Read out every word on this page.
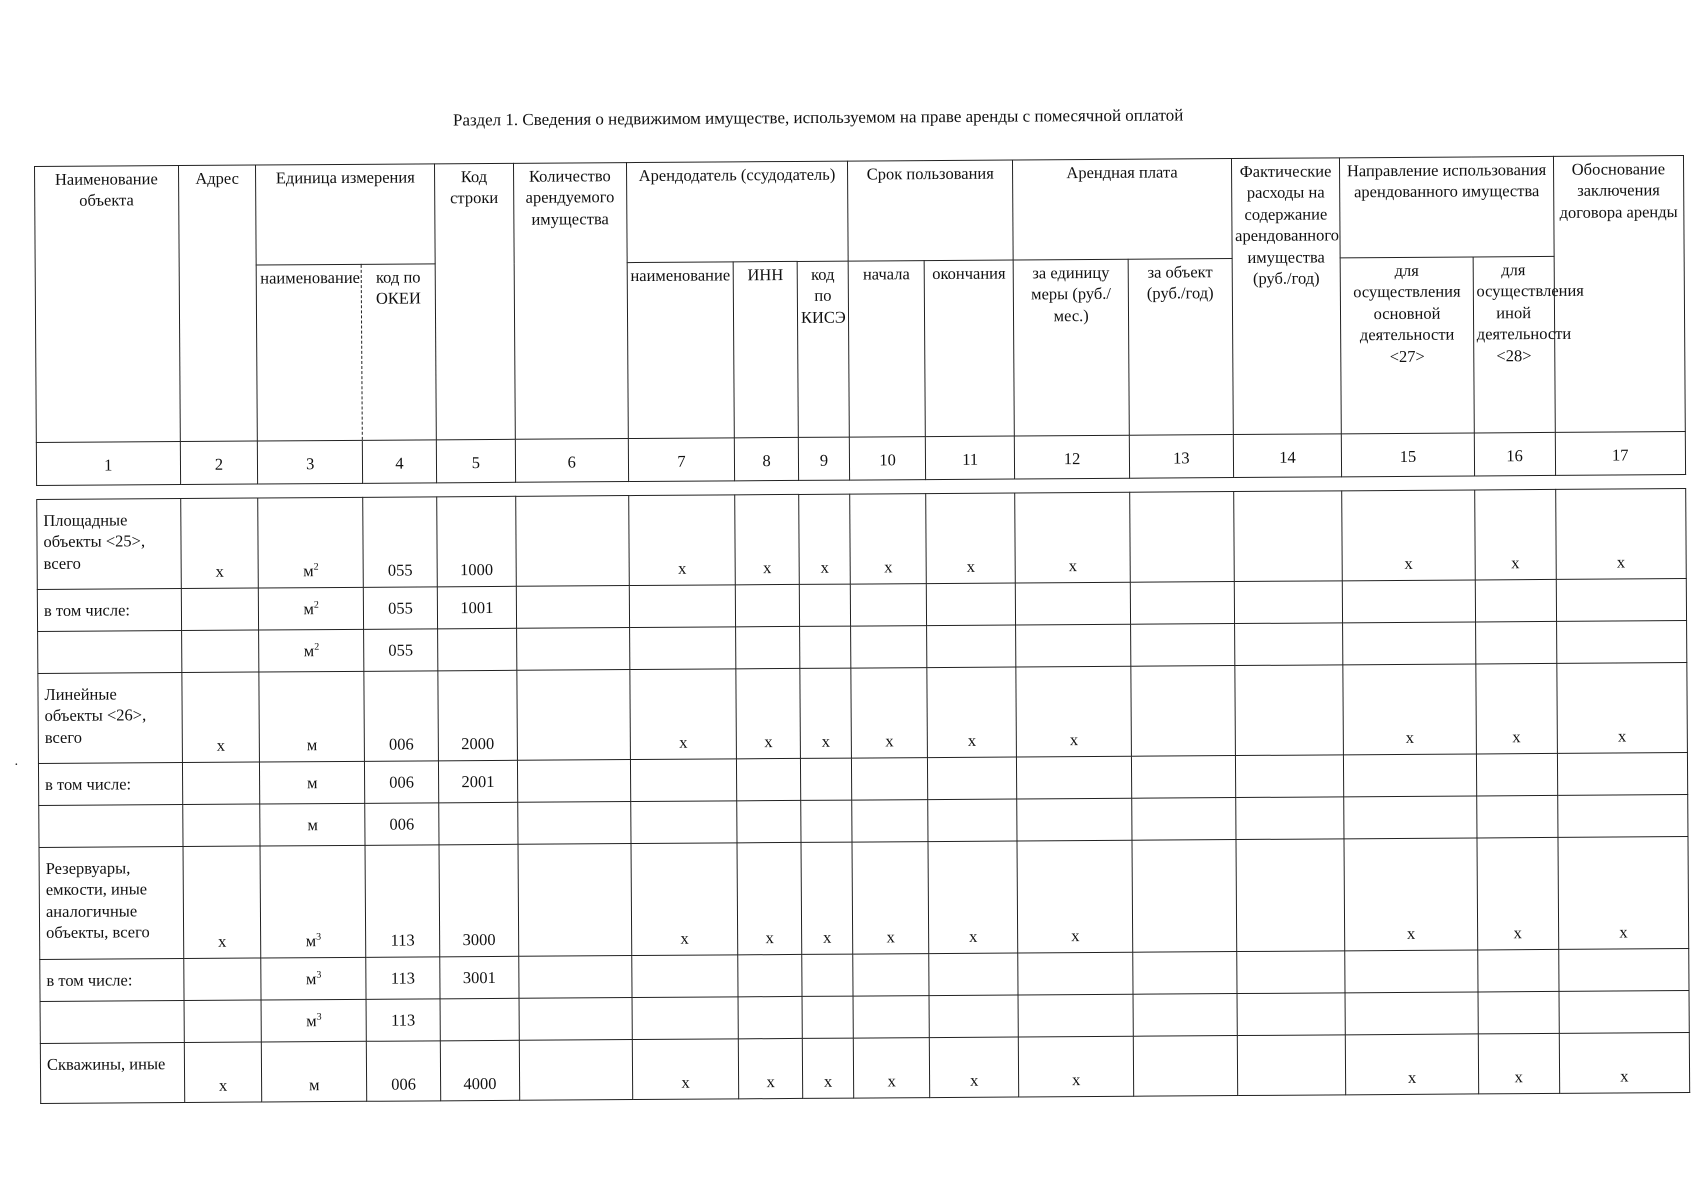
Раздел 1. Сведения о недвижимом имуществе, используемом на праве аренды с помесячной оплатой
·
Наименование объекта	Адрес	Единица измерения		Код строки	Количество арендуемого имущества	Арендодатель (ссудодатель)			Срок пользования		Арендная плата		Фактические расходы на содержание арендованного имущества (руб./год)	Направление использования арендованного имущества		Обоснование заключения договора аренды
		наименование	код по ОКЕИ			наименование	ИНН	код по КИСЭ	начала	окончания	за единицу меры (руб./мес.)	за объект (руб./год)		для осуществления основной деятельности <27>	для осуществления иной деятельности <28>	
1	2	3	4	5	6	7	8	9	10	11	12	13	14	15	16	17

Площадные объекты <25>, всего	х	$м^2$	055	1000		х	х	х	х	х	х			х	х	х
в том числе:		$м^2$	055	1001												
		$м^2$	055													
Линейные объекты <26>, всего	х	м	006	2000		х	х	х	х	х	х			х	х	х
в том числе:		м	006	2001												
		м	006													
Резервуары, емкости, иные аналогичные объекты, всего	х	$м^3$	113	3000		х	х	х	х	х	х			х	х	х
в том числе:		$м^3$	113	3001												
		$м^3$	113													
Скважины, иные	х	м	006	4000		х	х	х	х	х	х			х	х	х
